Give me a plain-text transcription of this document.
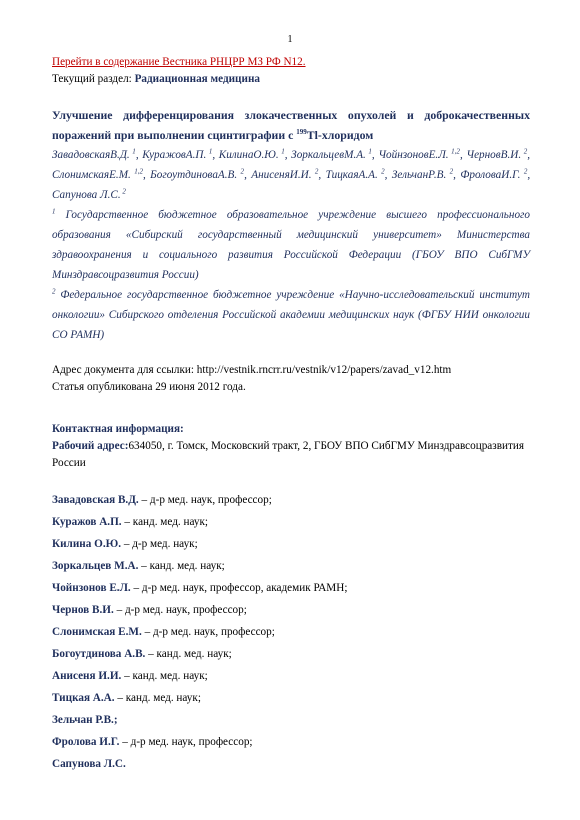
1
Перейти в содержание Вестника РНЦРР МЗ РФ N12.
Текущий раздел: Радиационная медицина
Улучшение дифференцирования злокачественных опухолей и доброкачественных поражений при выполнении сцинтиграфии с $^{199}$Tl-хлоридом
ЗавадовскаяВ.Д. $^1$, КуражовА.П. $^1$, КилинаО.Ю. $^1$, ЗоркальцевМ.А. $^1$, ЧойнзоновЕ.Л. $^{1,2}$, ЧерновВ.И. $^2$, СлонимскаяЕ.М. $^{1,2}$, БогоутдиноваА.В. $^2$, АнисеняИ.И. $^2$, ТицкаяА.А. $^2$, ЗельчанР.В. $^2$, ФроловаИ.Г. $^2$, Сапунова Л.С. $^2$
$^1$ Государственное бюджетное образовательное учреждение высшего профессионального образования «Сибирский государственный медицинский университет» Министерства здравоохранения и социального развития Российской Федерации (ГБОУ ВПО СибГМУ Минздравсоцразвития России)
$^2$ Федеральное государственное бюджетное учреждение «Научно-исследовательский институт онкологии» Сибирского отделения Российской академии медицинских наук (ФГБУ НИИ онкологии СО РАМН)
Адрес документа для ссылки: http://vestnik.rncrr.ru/vestnik/v12/papers/zavad_v12.htm
Статья опубликована 29 июня 2012 года.
Контактная информация:
Рабочий адрес:634050, г. Томск, Московский тракт, 2, ГБОУ ВПО СибГМУ Минздравсоцразвития России
Завадовская В.Д. – д-р мед. наук, профессор;
Куражов А.П. – канд. мед. наук;
Килина О.Ю. – д-р мед. наук;
Зоркальцев М.А. – канд. мед. наук;
Чойнзонов Е.Л. – д-р мед. наук, профессор, академик РАМН;
Чернов В.И. – д-р мед. наук, профессор;
Слонимская Е.М. – д-р мед. наук, профессор;
Богоутдинова А.В. – канд. мед. наук;
Анисеня И.И. – канд. мед. наук;
Тицкая А.А. – канд. мед. наук;
Зельчан Р.В.;
Фролова И.Г. – д-р мед. наук, профессор;
Сапунова Л.С.
